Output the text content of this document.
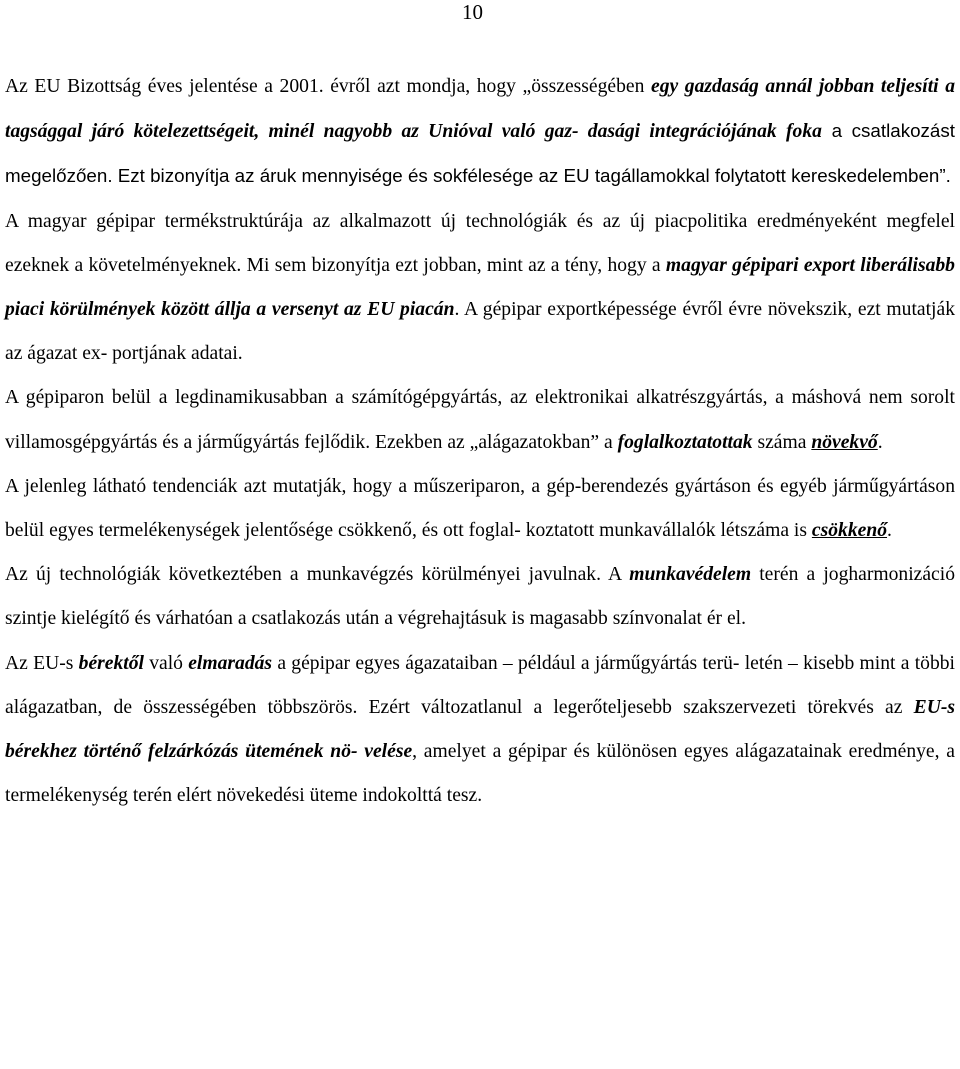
10

Az EU Bizottság éves jelentése a 2001. évről azt mondja, hogy „összességében egy gazdaság annál jobban teljesíti a tagsággal járó kötelezettségeit, minél nagyobb az Unióval való gaz- dasági integrációjának foka a csatlakozást megelőzően. Ezt bizonyítja az áruk mennyisége és sokfélesége az EU tagállamokkal folytatott kereskedelemben”.

A magyar gépipar termékstruktúrája az alkalmazott új technológiák és az új piacpolitika eredményeként megfelel ezeknek a követelményeknek. Mi sem bizonyítja ezt jobban, mint az a tény, hogy a magyar gépipari export liberálisabb piaci körülmények között állja a versenyt az EU piacán. A gépipar exportképessége évről évre növekszik, ezt mutatják az ágazat ex- portjának adatai.

A gépiparon belül a legdinamikusabban a számítógépgyártás, az elektronikai alkatrészgyártás, a máshová nem sorolt villamosgépgyártás és a járműgyártás fejlődik. Ezekben az „alágazatokban” a foglalkoztatottak száma növekvő.

A jelenleg látható tendenciák azt mutatják, hogy a műszeriparon, a gép-berendezés gyártáson és egyéb járműgyártáson belül egyes termelékenységek jelentősége csökkenő, és ott foglal- koztatott munkavállalók létszáma is csökkenő.

Az új technológiák következtében a munkavégzés körülményei javulnak. A munkavédelem terén a jogharmonizáció szintje kielégítő és várhatóan a csatlakozás után a végrehajtásuk is magasabb színvonalat ér el.

Az EU-s bérektől való elmaradás a gépipar egyes ágazataiban – például a járműgyártás terü- letén – kisebb mint a többi alágazatban, de összességében többszörös. Ezért változatlanul a legerőteljesebb szakszervezeti törekvés az EU-s bérekhez történő felzárkózás ütemének nö- velése, amelyet a gépipar és különösen egyes alágazatainak eredménye, a termelékenység terén elért növekedési üteme indokolttá tesz.
